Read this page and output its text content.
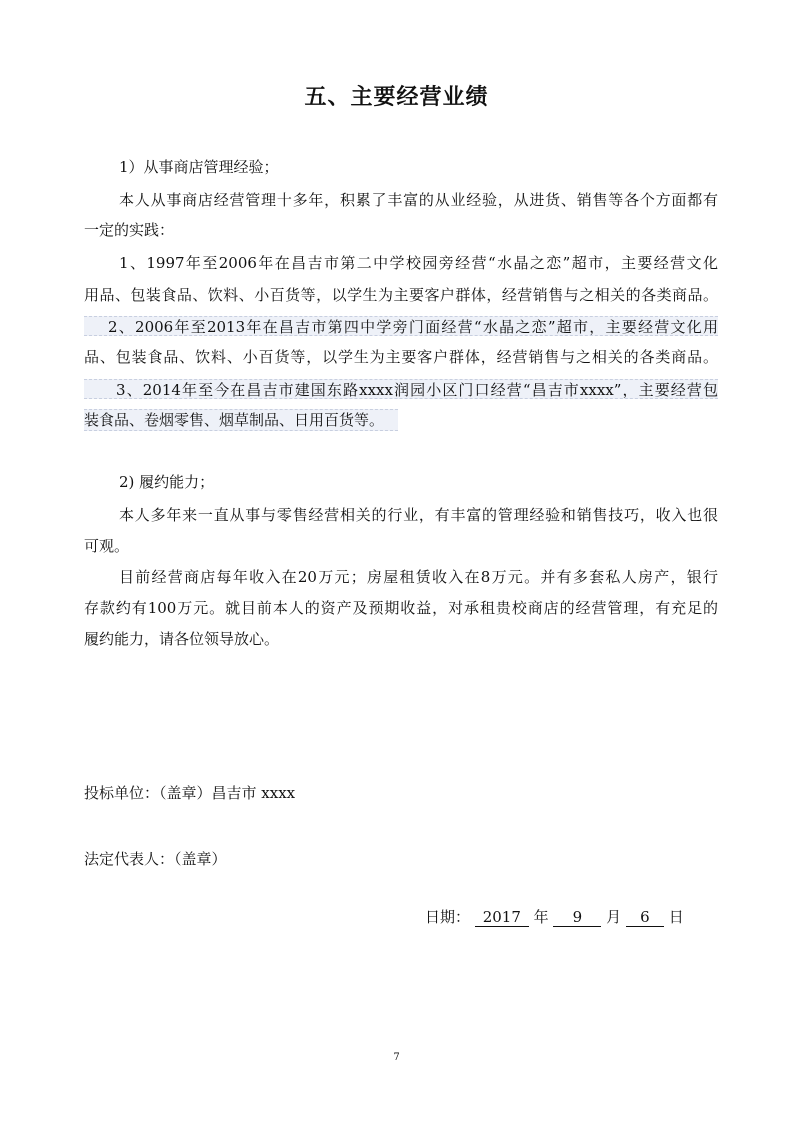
五、主要经营业绩
1）从事商店管理经验；
本人从事商店经营管理十多年，积累了丰富的从业经验，从进货、销售等各个方面都有
一定的实践：
1、1997年至2006年在昌吉市第二中学校园旁经营“水晶之恋”超市，主要经营文化
用品、包装食品、饮料、小百货等，以学生为主要客户群体，经营销售与之相关的各类商品。
2、2006年至2013年在昌吉市第四中学旁门面经营“水晶之恋”超市，主要经营文化用
品、包装食品、饮料、小百货等，以学生为主要客户群体，经营销售与之相关的各类商品。
3、2014年至今在昌吉市建国东路xxxx润园小区门口经营“昌吉市xxxx”，主要经营包
装食品、卷烟零售、烟草制品、日用百货等。
2) 履约能力；
本人多年来一直从事与零售经营相关的行业，有丰富的管理经验和销售技巧，收入也很
可观。
目前经营商店每年收入在20万元；房屋租赁收入在8万元。并有多套私人房产，银行
存款约有100万元。就目前本人的资产及预期收益，对承租贵校商店的经营管理，有充足的
履约能力，请各位领导放心。
投标单位：（盖章）昌吉市 xxxx
法定代表人：（盖章）
日期： 2017 年 9 月 6 日
7
